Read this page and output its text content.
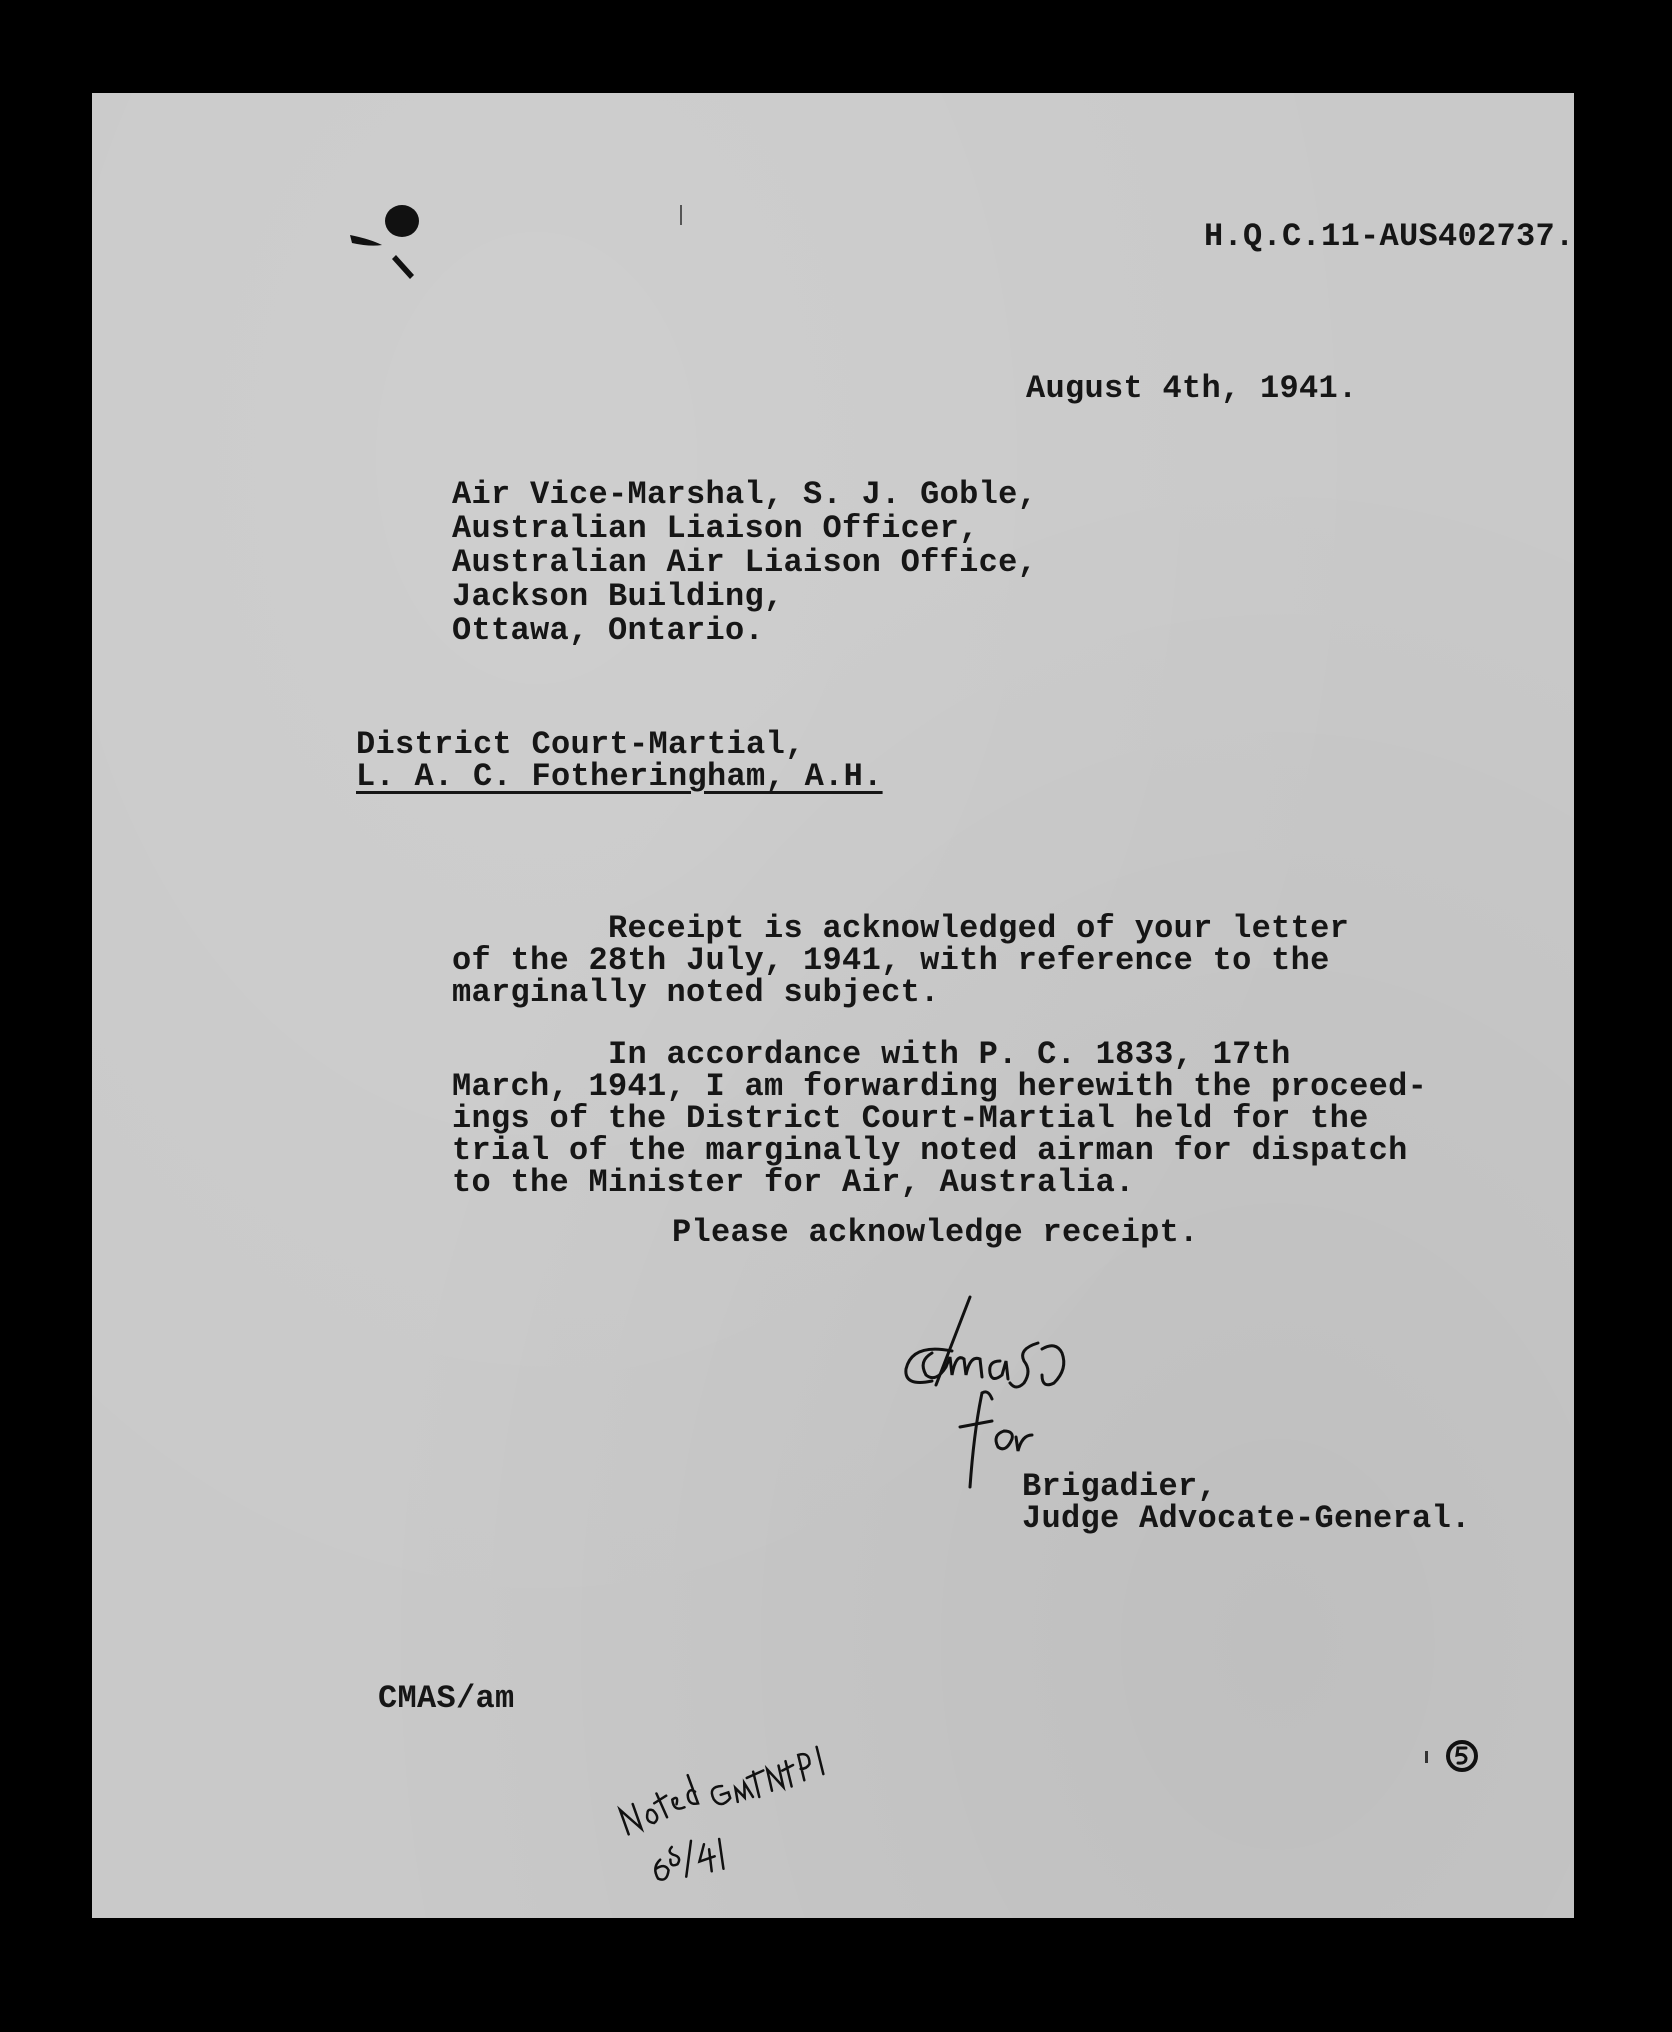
H.Q.C.11-AUS402737.

August 4th, 1941.

Air Vice-Marshal, S. J. Goble,

Australian Liaison Officer,

Australian Air Liaison Office,

Jackson Building,

Ottawa, Ontario.

District Court-Martial,

L. A. C. Fotheringham, A.H.

Receipt is acknowledged of your letter

of the 28th July, 1941, with reference to the

marginally noted subject.

In accordance with P. C. 1833, 17th

March, 1941, I am forwarding herewith the proceed-

ings of the District Court-Martial held for the

trial of the marginally noted airman for dispatch

to the Minister for Air, Australia.

Please acknowledge receipt.

Brigadier,

Judge Advocate-General.

CMAS/am
